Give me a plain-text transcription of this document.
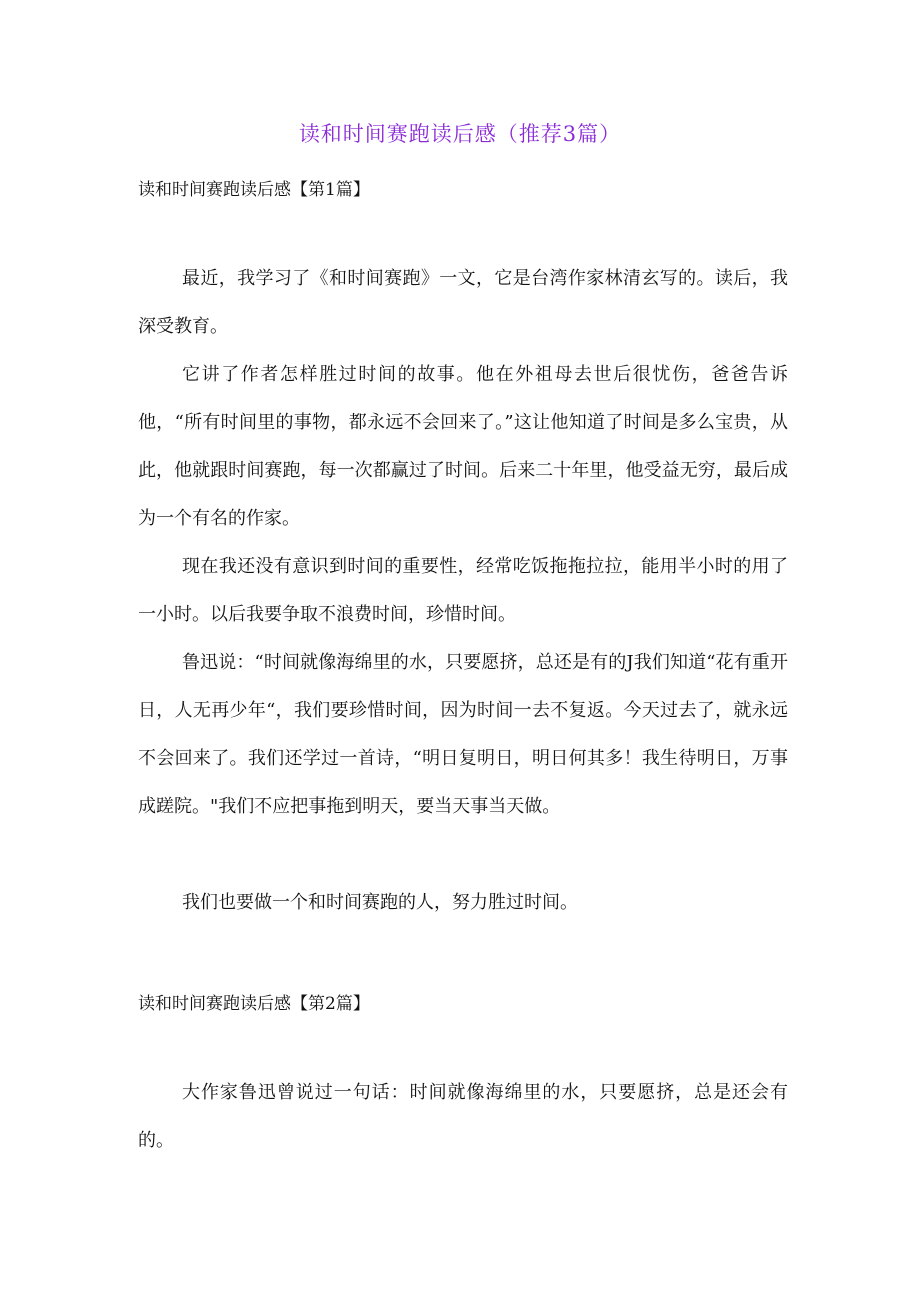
读和时间赛跑读后感（推荐3篇）
读和时间赛跑读后感【第1篇】

最近，我学习了《和时间赛跑》一文，它是台湾作家林清玄写的。读后，我深受教育。

它讲了作者怎样胜过时间的故事。他在外祖母去世后很忧伤，爸爸告诉他，“所有时间里的事物，都永远不会回来了。”这让他知道了时间是多么宝贵，从此，他就跟时间赛跑，每一次都赢过了时间。后来二十年里，他受益无穷，最后成为一个有名的作家。

现在我还没有意识到时间的重要性，经常吃饭拖拖拉拉，能用半小时的用了一小时。以后我要争取不浪费时间，珍惜时间。

鲁迅说：“时间就像海绵里的水，只要愿挤，总还是有的J我们知道“花有重开日，人无再少年“，我们要珍惜时间，因为时间一去不复返。今天过去了，就永远不会回来了。我们还学过一首诗，“明日复明日，明日何其多！我生待明日，万事成蹉院。"我们不应把事拖到明天，要当天事当天做。

我们也要做一个和时间赛跑的人，努力胜过时间。

读和时间赛跑读后感【第2篇】

大作家鲁迅曾说过一句话：时间就像海绵里的水，只要愿挤，总是还会有的。
